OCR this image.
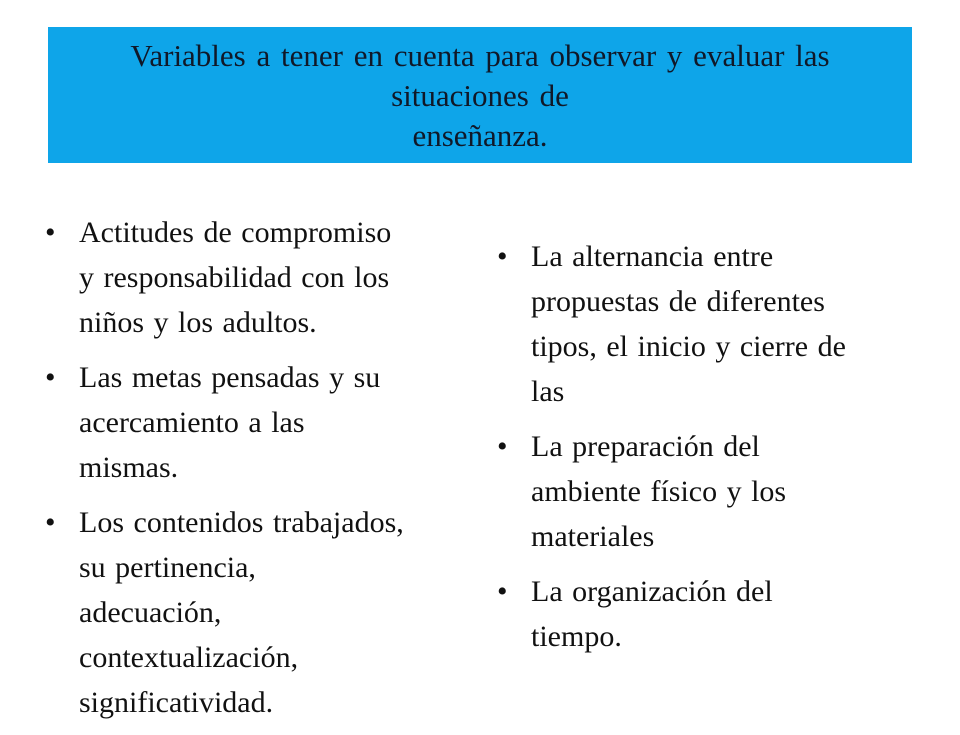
Variables a tener en cuenta para observar y evaluar las
situaciones de
enseñanza.
• Actitudes de compromiso
y responsabilidad con los
niños y los adultos.
• Las metas pensadas y su
acercamiento a las
mismas.
• Los contenidos trabajados,
su pertinencia,
adecuación,
contextualización,
significatividad.
• La alternancia entre
propuestas de diferentes
tipos, el inicio y cierre de
las
• La preparación del
ambiente físico y los
materiales
• La organización del
tiempo.
